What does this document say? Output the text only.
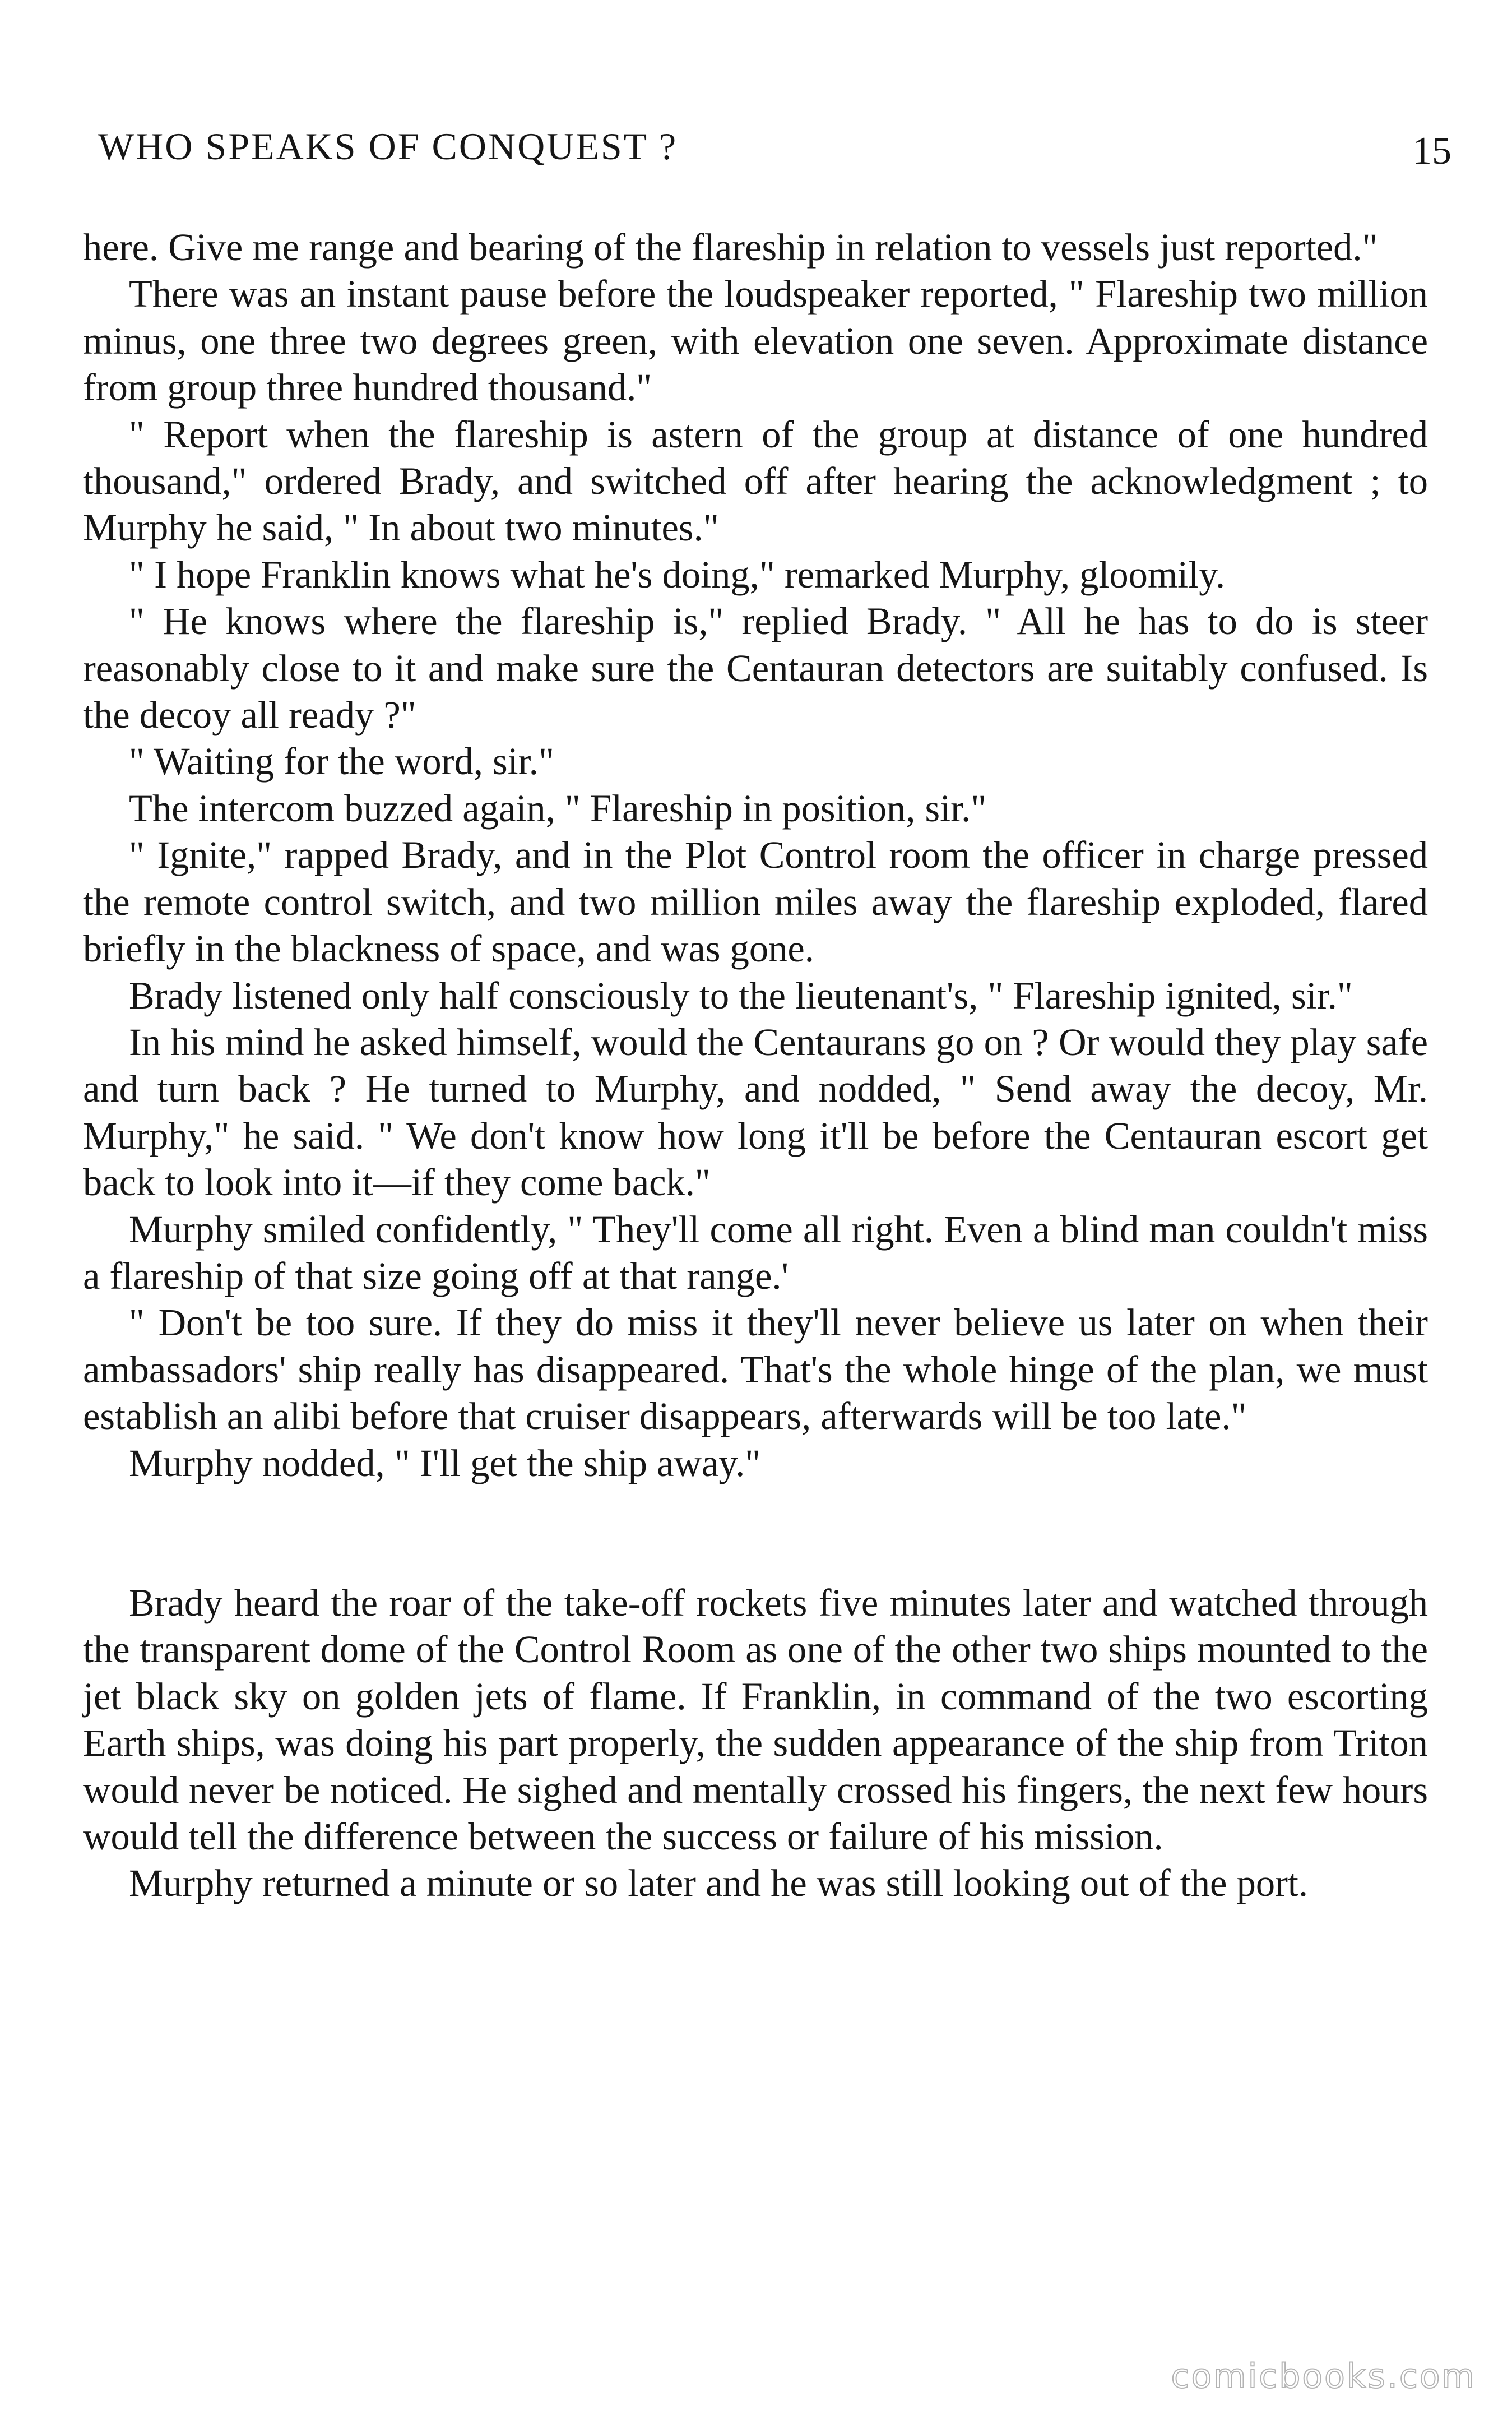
WHO SPEAKS OF CONQUEST ?	15

here. Give me range and bearing of the flareship in relation to vessels just reported."

There was an instant pause before the loudspeaker reported, " Flareship two million minus, one three two degrees green, with elevation one seven. Approximate distance from group three hundred thousand."

" Report when the flareship is astern of the group at distance of one hundred thousand," ordered Brady, and switched off after hearing the acknowledgment ; to Murphy he said, " In about two minutes."

" I hope Franklin knows what he's doing," remarked Murphy, gloomily.

" He knows where the flareship is," replied Brady. " All he has to do is steer reasonably close to it and make sure the Centauran detectors are suitably confused. Is the decoy all ready ?"

" Waiting for the word, sir."

The intercom buzzed again, " Flareship in position, sir."

" Ignite," rapped Brady, and in the Plot Control room the officer in charge pressed the remote control switch, and two million miles away the flareship exploded, flared briefly in the blackness of space, and was gone.

Brady listened only half consciously to the lieutenant's, " Flareship ignited, sir."

In his mind he asked himself, would the Centaurans go on ? Or would they play safe and turn back ? He turned to Murphy, and nodded, " Send away the decoy, Mr. Murphy," he said. " We don't know how long it'll be before the Centauran escort get back to look into it—if they come back."

Murphy smiled confidently, " They'll come all right. Even a blind man couldn't miss a flareship of that size going off at that range.'

" Don't be too sure. If they do miss it they'll never believe us later on when their ambassadors' ship really has disappeared. That's the whole hinge of the plan, we must establish an alibi before that cruiser disappears, afterwards will be too late."

Murphy nodded, " I'll get the ship away."

Brady heard the roar of the take-off rockets five minutes later and watched through the transparent dome of the Control Room as one of the other two ships mounted to the jet black sky on golden jets of flame. If Franklin, in command of the two escorting Earth ships, was doing his part properly, the sudden appearance of the ship from Triton would never be noticed. He sighed and mentally crossed his fingers, the next few hours would tell the difference between the success or failure of his mission.

Murphy returned a minute or so later and he was still looking out of the port.

comicbooks.com
